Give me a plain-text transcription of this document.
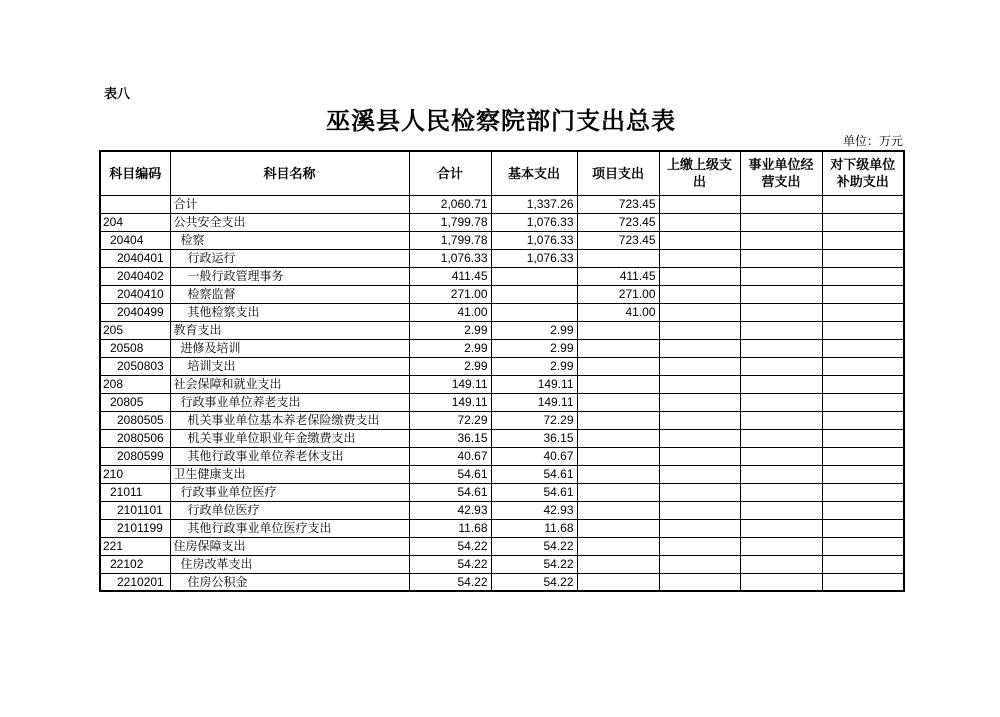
表八
巫溪县人民检察院部门支出总表
单位：万元
科目编码	科目名称	合计	基本支出	项目支出	上缴上级支出	事业单位经营支出	对下级单位补助支出
	合计	2,060.71	1,337.26	723.45			
204	公共安全支出	1,799.78	1,076.33	723.45			
20404	检察	1,799.78	1,076.33	723.45			
2040401	行政运行	1,076.33	1,076.33				
2040402	一般行政管理事务	411.45		411.45			
2040410	检察监督	271.00		271.00			
2040499	其他检察支出	41.00		41.00			
205	教育支出	2.99	2.99				
20508	进修及培训	2.99	2.99				
2050803	培训支出	2.99	2.99				
208	社会保障和就业支出	149.11	149.11				
20805	行政事业单位养老支出	149.11	149.11				
2080505	机关事业单位基本养老保险缴费支出	72.29	72.29				
2080506	机关事业单位职业年金缴费支出	36.15	36.15				
2080599	其他行政事业单位养老休支出	40.67	40.67				
210	卫生健康支出	54.61	54.61				
21011	行政事业单位医疗	54.61	54.61				
2101101	行政单位医疗	42.93	42.93				
2101199	其他行政事业单位医疗支出	11.68	11.68				
221	住房保障支出	54.22	54.22				
22102	住房改革支出	54.22	54.22				
2210201	住房公积金	54.22	54.22				
